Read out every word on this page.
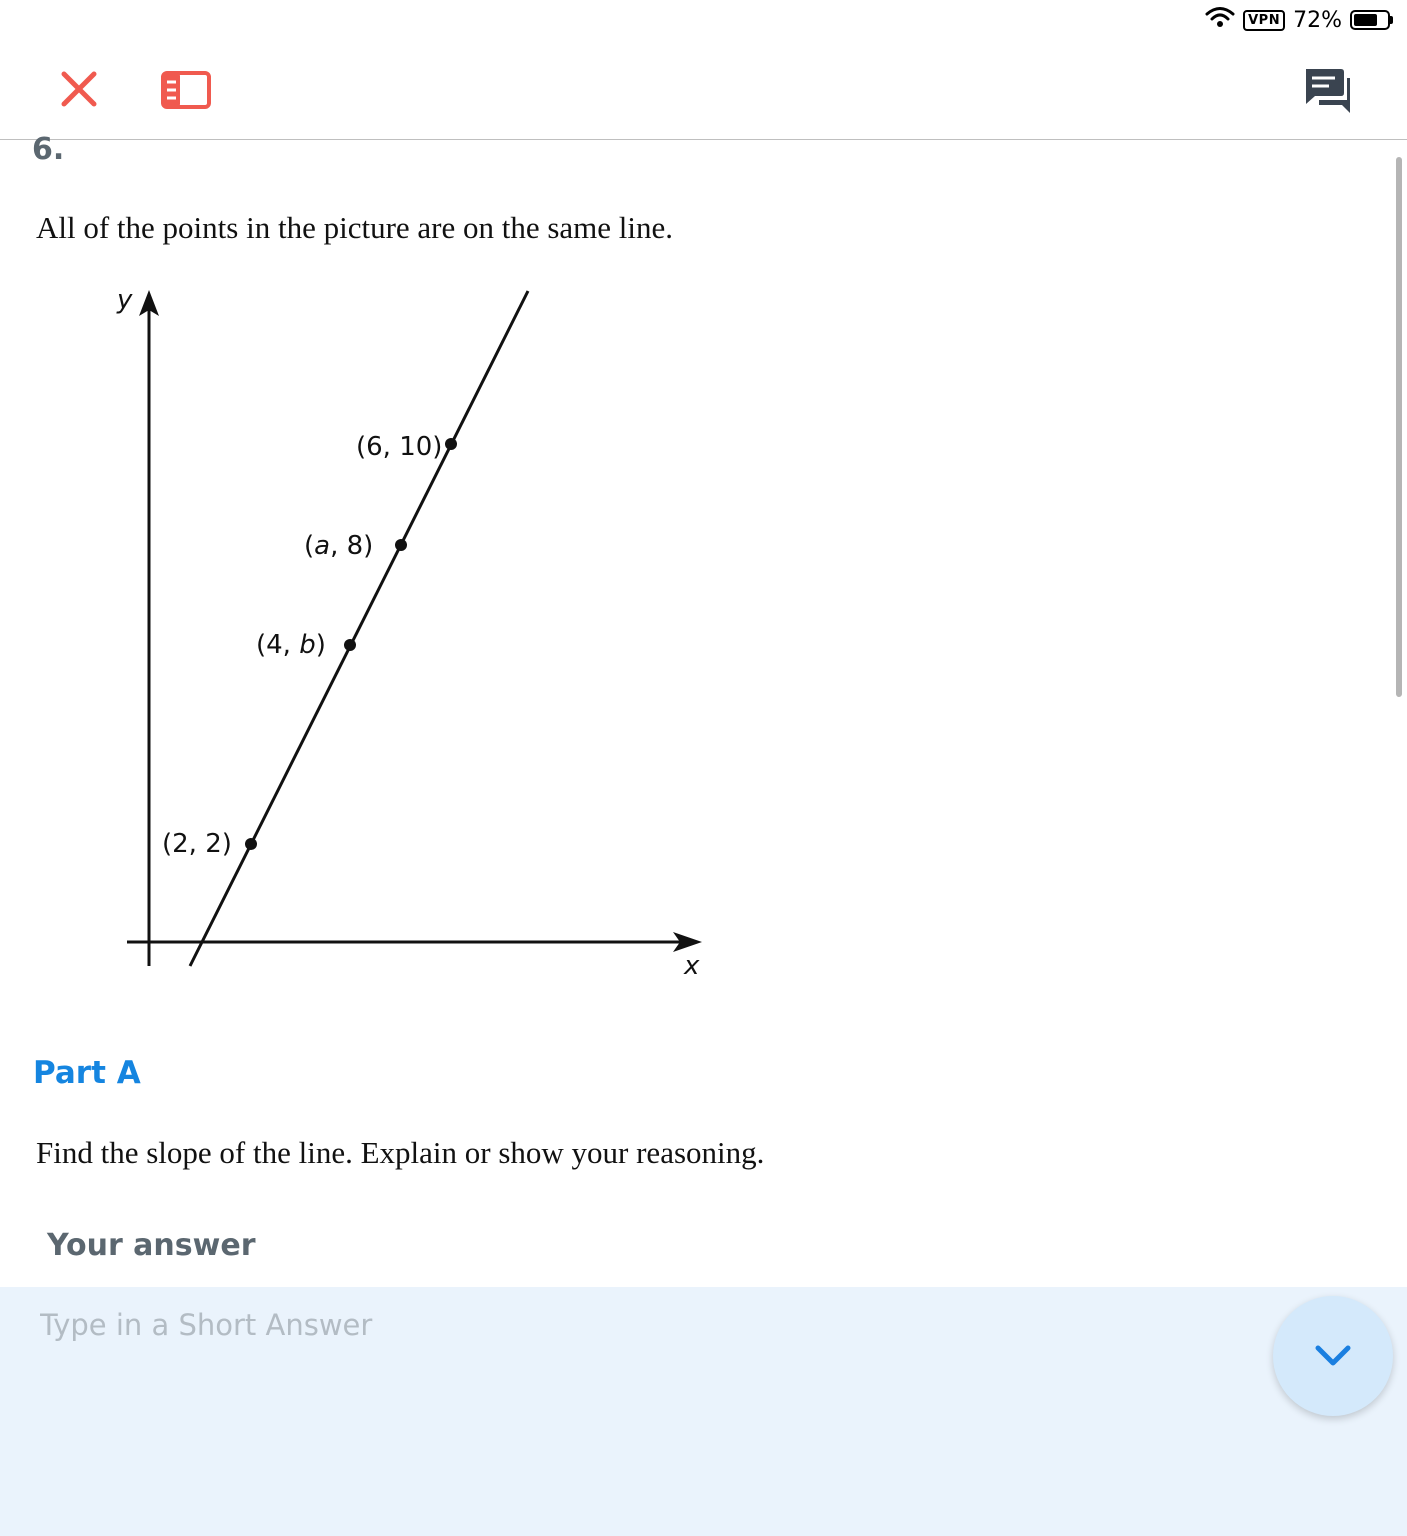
VPN 72%
6.
All of the points in the picture are on the same line.
y
x
(2, 2)
(4, b)
(a, 8)
(6, 10)
Part A
Find the slope of the line. Explain or show your reasoning.
Your answer
Type in a Short Answer
